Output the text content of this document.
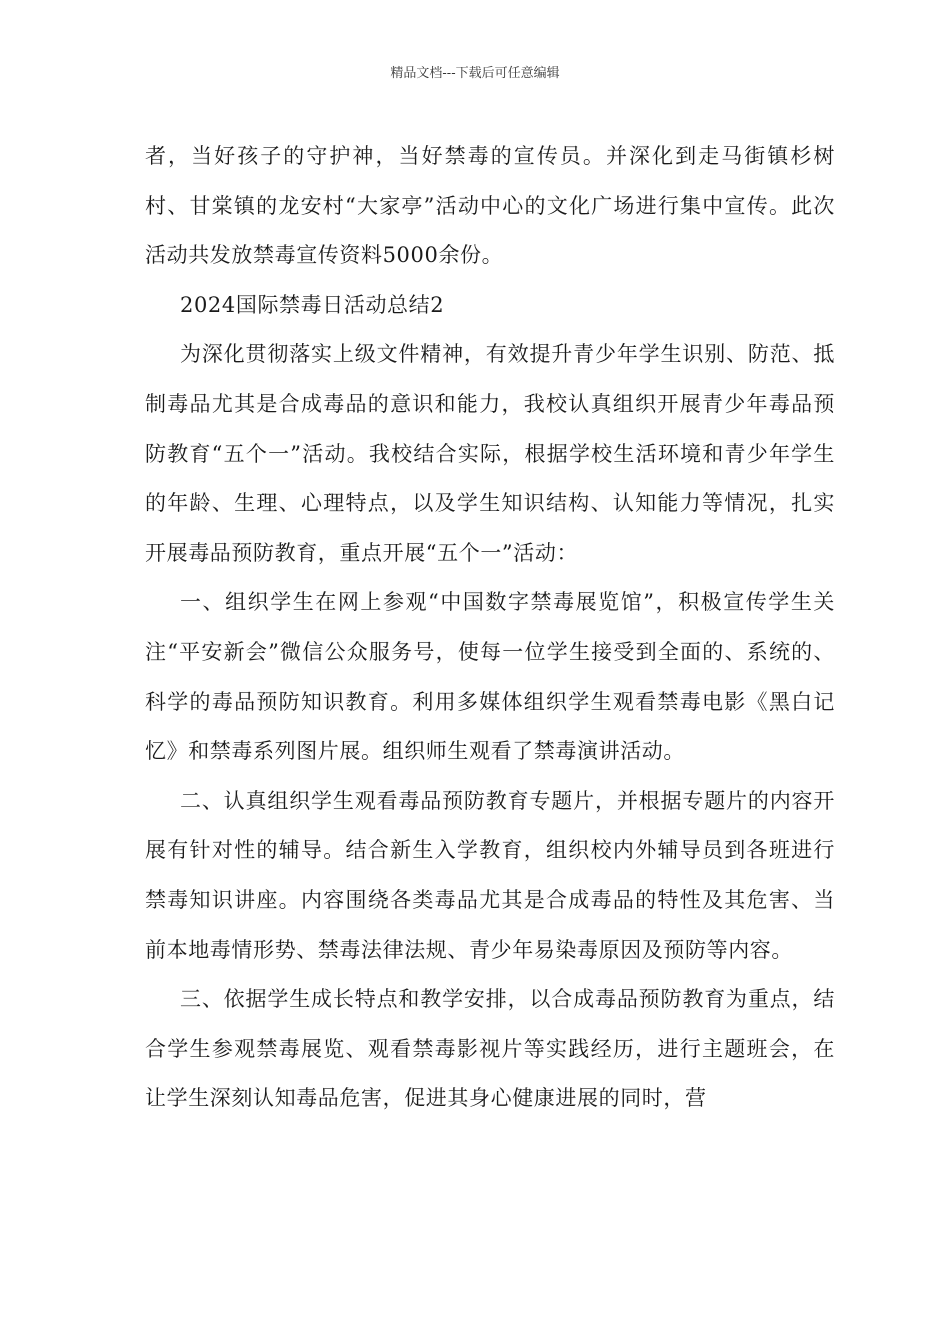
精品文档---下载后可任意编辑

者，当好孩子的守护神，当好禁毒的宣传员。并深化到走马街镇杉树村、甘棠镇的龙安村“大家亭”活动中心的文化广场进行集中宣传。此次活动共发放禁毒宣传资料5000余份。

2024国际禁毒日活动总结2

为深化贯彻落实上级文件精神，有效提升青少年学生识别、防范、抵制毒品尤其是合成毒品的意识和能力，我校认真组织开展青少年毒品预防教育“五个一”活动。我校结合实际，根据学校生活环境和青少年学生的年龄、生理、心理特点，以及学生知识结构、认知能力等情况，扎实开展毒品预防教育，重点开展“五个一”活动：

一、组织学生在网上参观“中国数字禁毒展览馆”，积极宣传学生关注“平安新会”微信公众服务号，使每一位学生接受到全面的、系统的、科学的毒品预防知识教育。利用多媒体组织学生观看禁毒电影《黑白记忆》和禁毒系列图片展。组织师生观看了禁毒演讲活动。

二、认真组织学生观看毒品预防教育专题片，并根据专题片的内容开展有针对性的辅导。结合新生入学教育，组织校内外辅导员到各班进行禁毒知识讲座。内容围绕各类毒品尤其是合成毒品的特性及其危害、当前本地毒情形势、禁毒法律法规、青少年易染毒原因及预防等内容。

三、依据学生成长特点和教学安排，以合成毒品预防教育为重点，结合学生参观禁毒展览、观看禁毒影视片等实践经历，进行主题班会，在让学生深刻认知毒品危害，促进其身心健康进展的同时，营
